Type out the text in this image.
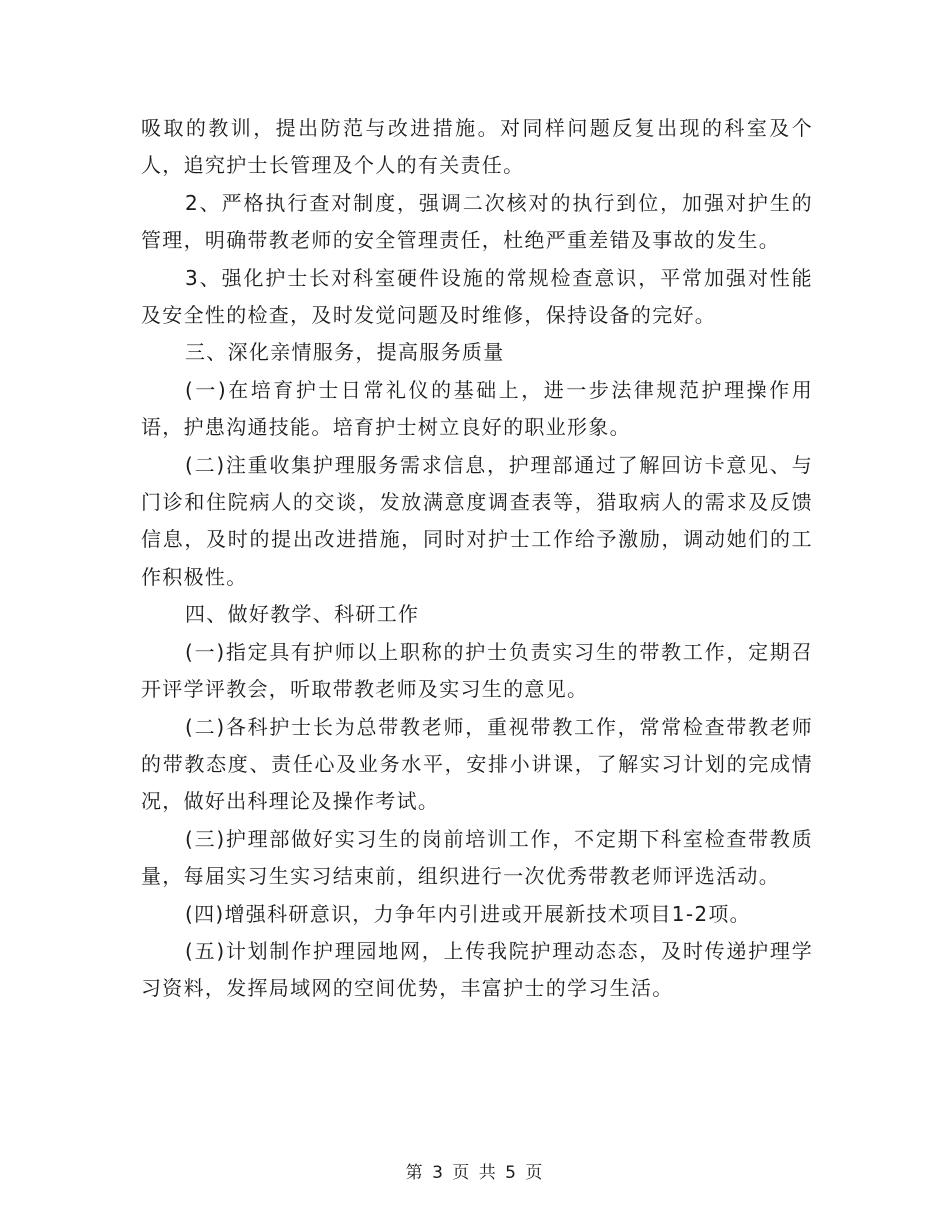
吸取的教训，提出防范与改进措施。对同样问题反复出现的科室及个人，追究护士长管理及个人的有关责任。

2、严格执行查对制度，强调二次核对的执行到位，加强对护生的管理，明确带教老师的安全管理责任，杜绝严重差错及事故的发生。

3、强化护士长对科室硬件设施的常规检查意识，平常加强对性能及安全性的检查，及时发觉问题及时维修，保持设备的完好。

三、深化亲情服务，提高服务质量

(一)在培育护士日常礼仪的基础上，进一步法律规范护理操作用语，护患沟通技能。培育护士树立良好的职业形象。

(二)注重收集护理服务需求信息，护理部通过了解回访卡意见、与门诊和住院病人的交谈，发放满意度调查表等，猎取病人的需求及反馈信息，及时的提出改进措施，同时对护士工作给予激励，调动她们的工作积极性。

四、做好教学、科研工作

(一)指定具有护师以上职称的护士负责实习生的带教工作，定期召开评学评教会，听取带教老师及实习生的意见。

(二)各科护士长为总带教老师，重视带教工作，常常检查带教老师的带教态度、责任心及业务水平，安排小讲课，了解实习计划的完成情况，做好出科理论及操作考试。

(三)护理部做好实习生的岗前培训工作，不定期下科室检查带教质量，每届实习生实习结束前，组织进行一次优秀带教老师评选活动。

(四)增强科研意识，力争年内引进或开展新技术项目1-2项。

(五)计划制作护理园地网，上传我院护理动态态，及时传递护理学习资料，发挥局域网的空间优势，丰富护士的学习生活。

第 3 页 共 5 页
